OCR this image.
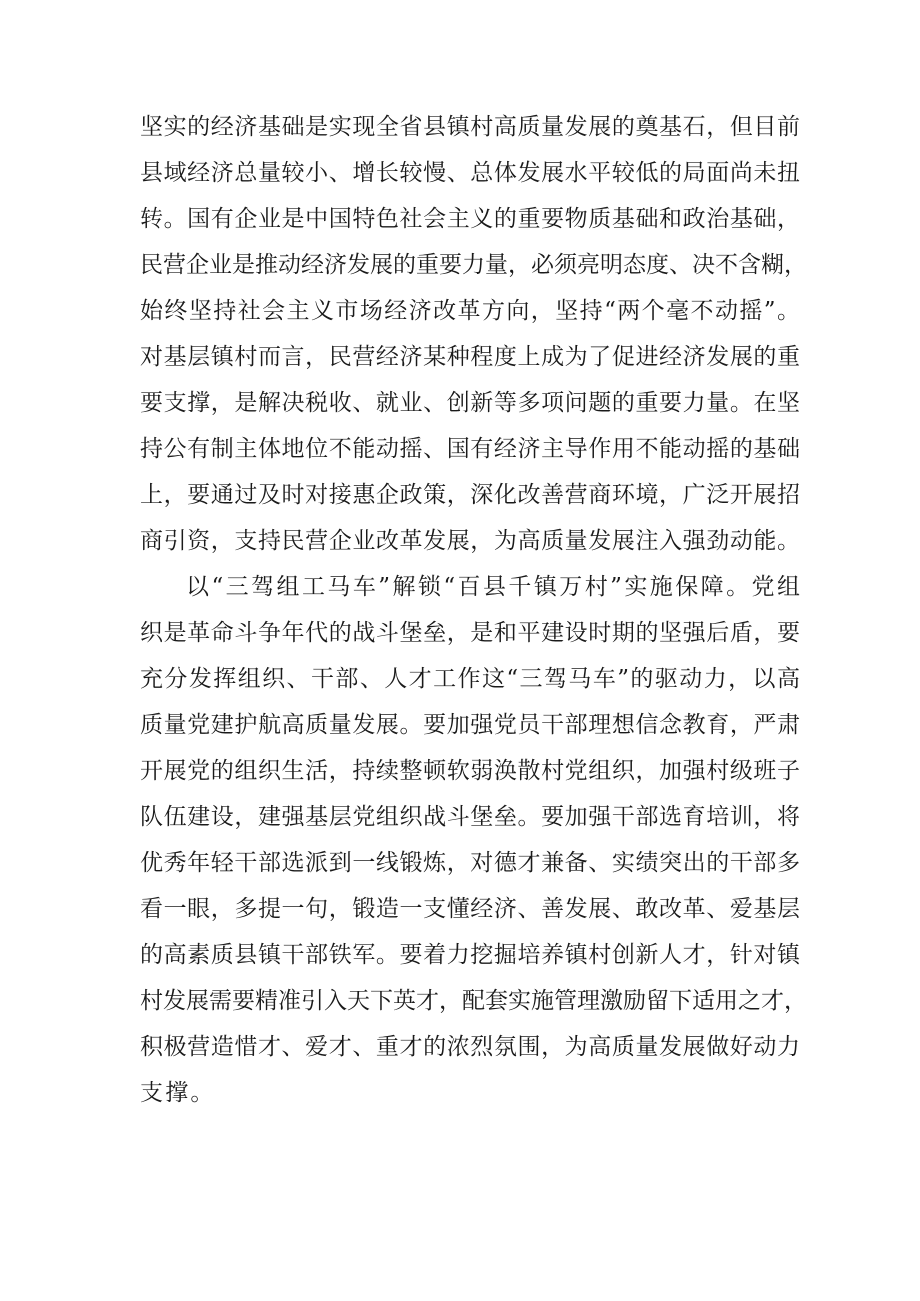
坚实的经济基础是实现全省县镇村高质量发展的奠基石，但目前
县域经济总量较小、增长较慢、总体发展水平较低的局面尚未扭
转。国有企业是中国特色社会主义的重要物质基础和政治基础，
民营企业是推动经济发展的重要力量，必须亮明态度、决不含糊，
始终坚持社会主义市场经济改革方向，坚持“两个毫不动摇”。
对基层镇村而言，民营经济某种程度上成为了促进经济发展的重
要支撑，是解决税收、就业、创新等多项问题的重要力量。在坚
持公有制主体地位不能动摇、国有经济主导作用不能动摇的基础
上，要通过及时对接惠企政策，深化改善营商环境，广泛开展招
商引资，支持民营企业改革发展，为高质量发展注入强劲动能。
以“三驾组工马车”解锁“百县千镇万村”实施保障。党组
织是革命斗争年代的战斗堡垒，是和平建设时期的坚强后盾，要
充分发挥组织、干部、人才工作这“三驾马车”的驱动力，以高
质量党建护航高质量发展。要加强党员干部理想信念教育，严肃
开展党的组织生活，持续整顿软弱涣散村党组织，加强村级班子
队伍建设，建强基层党组织战斗堡垒。要加强干部选育培训，将
优秀年轻干部选派到一线锻炼，对德才兼备、实绩突出的干部多
看一眼，多提一句，锻造一支懂经济、善发展、敢改革、爱基层
的高素质县镇干部铁军。要着力挖掘培养镇村创新人才，针对镇
村发展需要精准引入天下英才，配套实施管理激励留下适用之才，
积极营造惜才、爱才、重才的浓烈氛围，为高质量发展做好动力
支撑。
